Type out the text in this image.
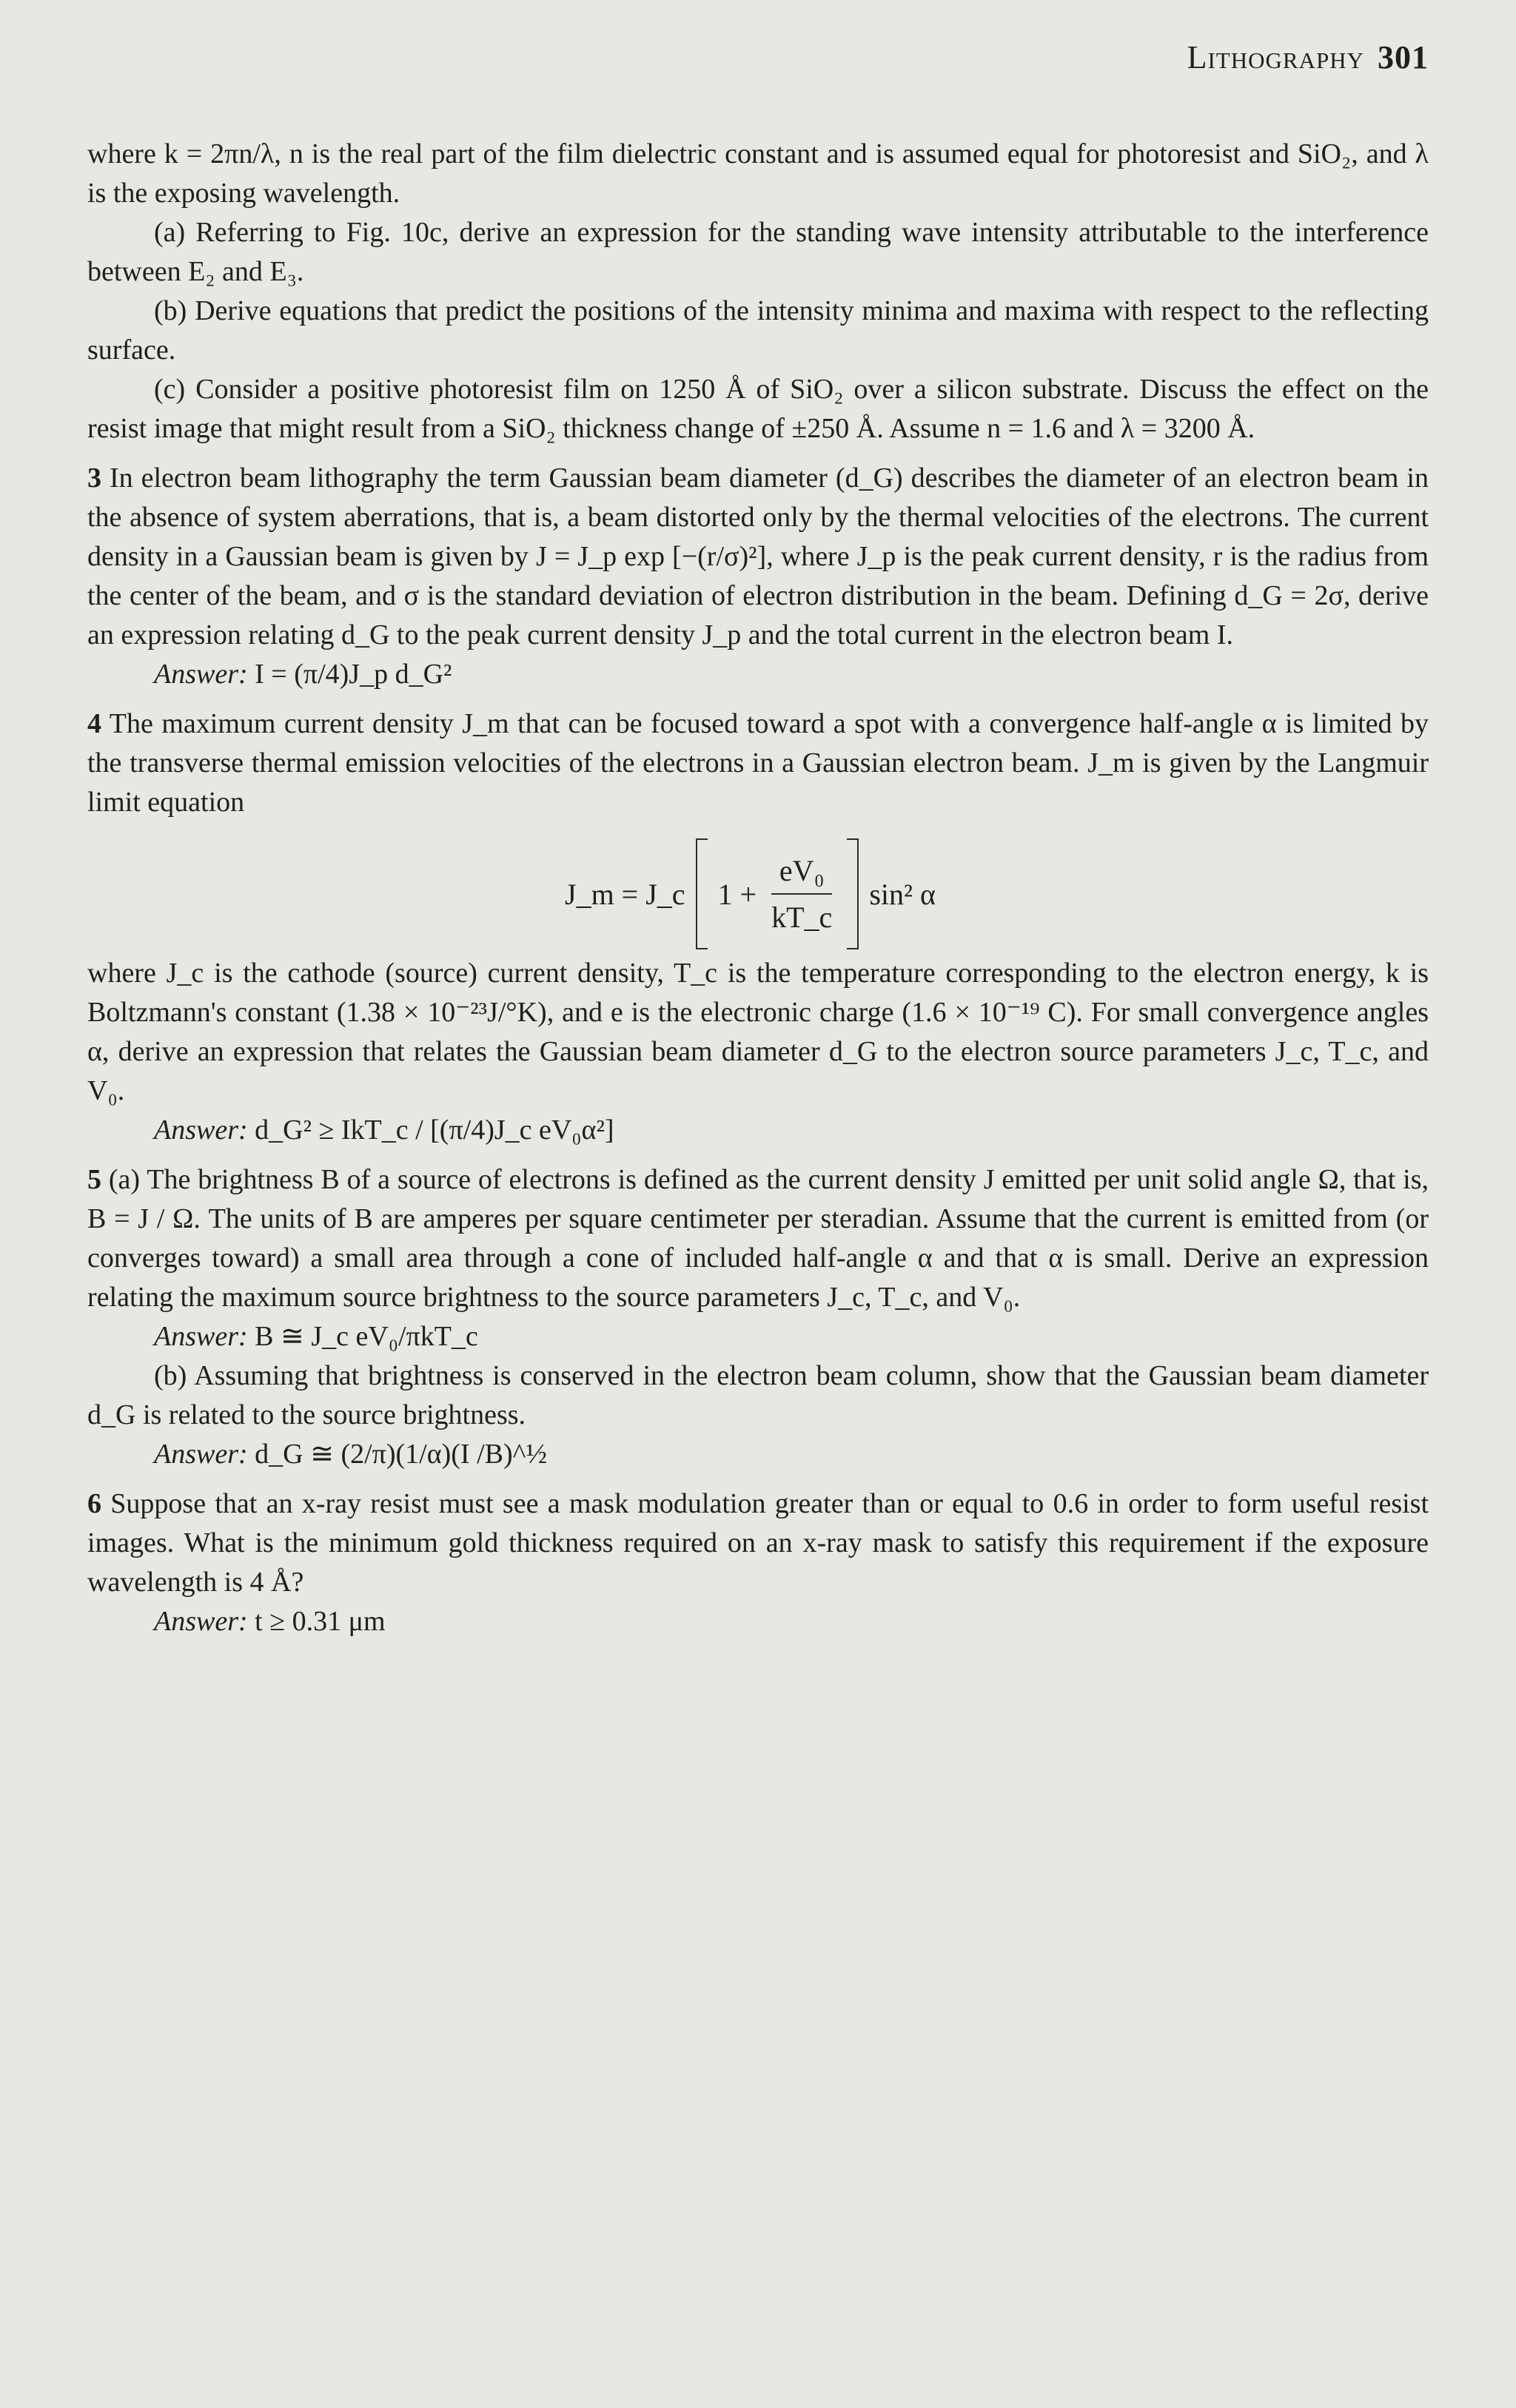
Lithography 301

where k = 2πn/λ, n is the real part of the film dielectric constant and is assumed equal for photoresist and SiO₂, and λ is the exposing wavelength.

(a) Referring to Fig. 10c, derive an expression for the standing wave intensity attributable to the interference between E₂ and E₃.

(b) Derive equations that predict the positions of the intensity minima and maxima with respect to the reflecting surface.

(c) Consider a positive photoresist film on 1250 Å of SiO₂ over a silicon substrate. Discuss the effect on the resist image that might result from a SiO₂ thickness change of ±250 Å. Assume n = 1.6 and λ = 3200 Å.

3 In electron beam lithography the term Gaussian beam diameter (d_G) describes the diameter of an electron beam in the absence of system aberrations, that is, a beam distorted only by the thermal velocities of the electrons. The current density in a Gaussian beam is given by J = J_p exp [−(r/σ)²], where J_p is the peak current density, r is the radius from the center of the beam, and σ is the standard deviation of electron distribution in the beam. Defining d_G = 2σ, derive an expression relating d_G to the peak current density J_p and the total current in the electron beam I.

Answer: I = (π/4)J_p d_G²

4 The maximum current density J_m that can be focused toward a spot with a convergence half-angle α is limited by the transverse thermal emission velocities of the electrons in a Gaussian electron beam. J_m is given by the Langmuir limit equation

J_m = J_c $1 + \frac{\text{eV₀}}{kT\_c} \sin^2$ α

where J_c is the cathode (source) current density, T_c is the temperature corresponding to the electron energy, k is Boltzmann's constant (1.38 × 10⁻²³J/°K), and e is the electronic charge (1.6 × 10⁻¹⁹ C). For small convergence angles α, derive an expression that relates the Gaussian beam diameter d_G to the electron source parameters J_c, T_c, and V₀.

Answer: d_G² ≥ IkT_c / [(π/4)J_c eV₀α²]

5 (a) The brightness B of a source of electrons is defined as the current density J emitted per unit solid angle Ω, that is, B = J / Ω. The units of B are amperes per square centimeter per steradian. Assume that the current is emitted from (or converges toward) a small area through a cone of included half-angle α and that α is small. Derive an expression relating the maximum source brightness to the source parameters J_c, T_c, and V₀.

Answer: B ≅ J_c eV₀/πkT_c

(b) Assuming that brightness is conserved in the electron beam column, show that the Gaussian beam diameter d_G is related to the source brightness.

Answer: d_G ≅ (2/π)(1/α)(I /B)^½

6 Suppose that an x-ray resist must see a mask modulation greater than or equal to 0.6 in order to form useful resist images. What is the minimum gold thickness required on an x-ray mask to satisfy this requirement if the exposure wavelength is 4 Å?

Answer: t ≥ 0.31 μm
